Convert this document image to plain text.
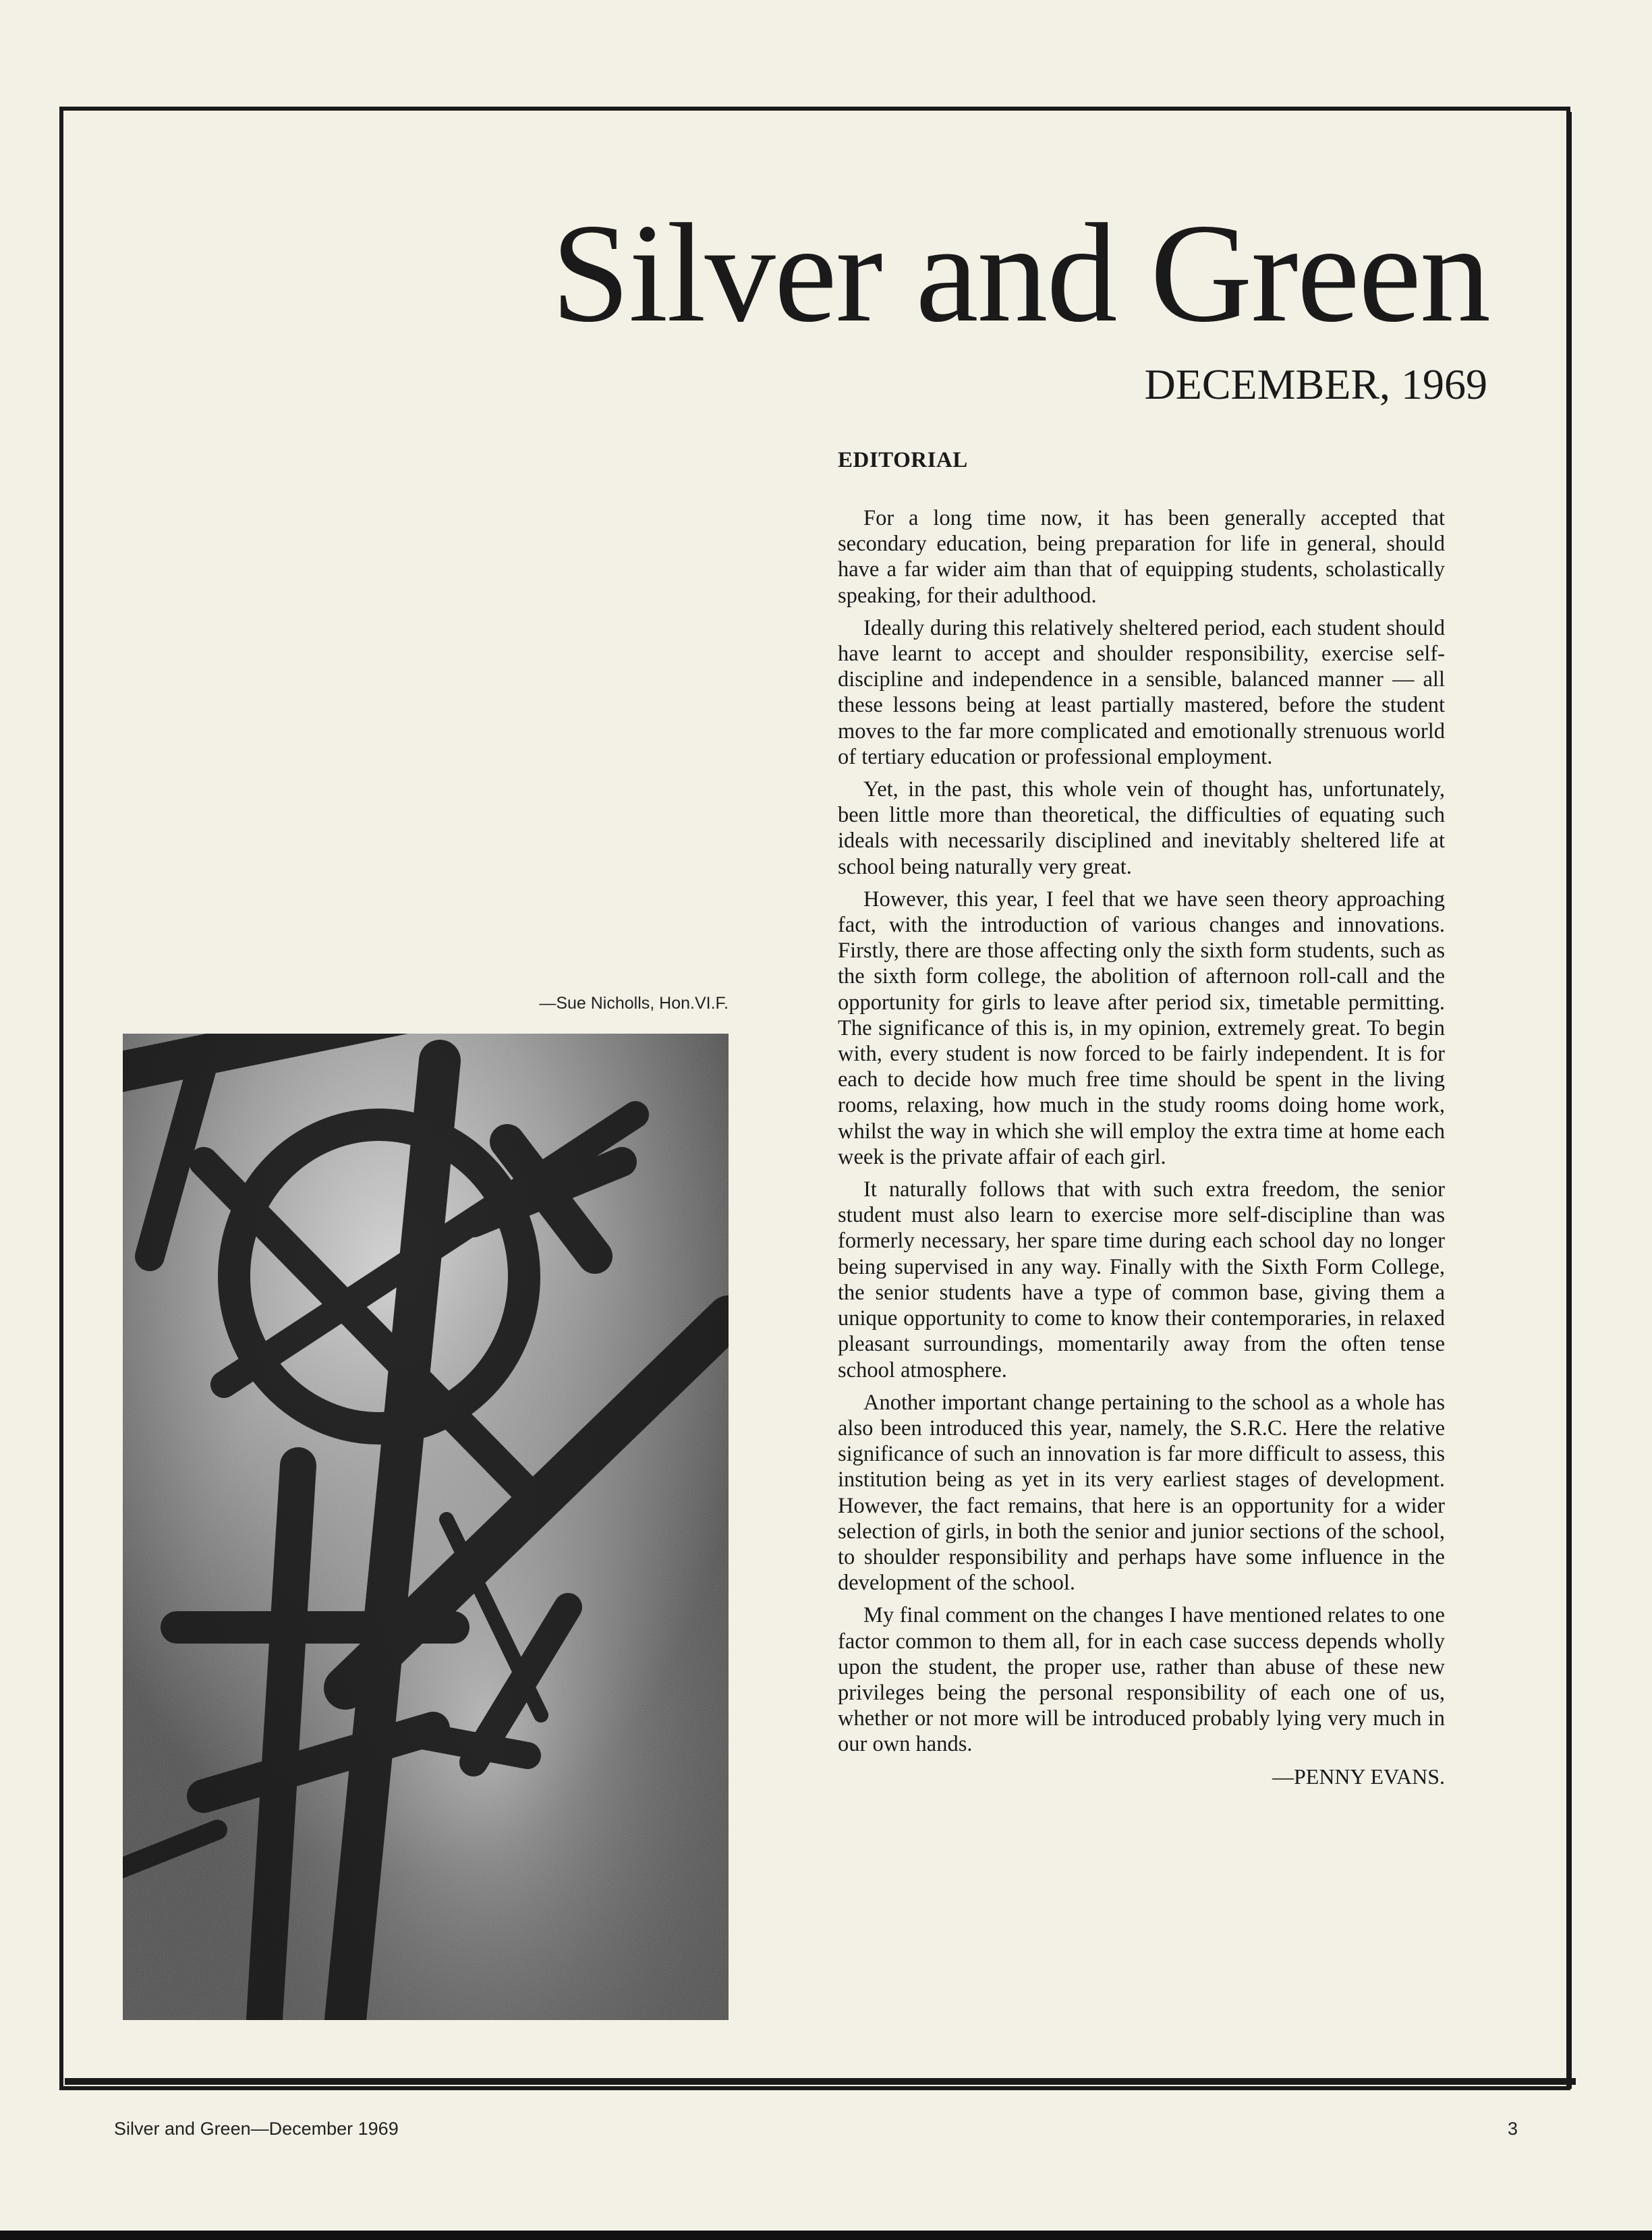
Silver and Green
DECEMBER, 1969
—Sue Nicholls, Hon.VI.F.
EDITORIAL

For a long time now, it has been generally accepted that secondary education, being preparation for life in general, should have a far wider aim than that of equipping students, scholastically speaking, for their adulthood.

Ideally during this relatively sheltered period, each student should have learnt to accept and shoulder responsibility, exercise self-discipline and independence in a sensible, balanced manner — all these lessons being at least partially mastered, before the student moves to the far more complicated and emotionally strenuous world of tertiary education or professional employment.

Yet, in the past, this whole vein of thought has, unfortunately, been little more than theoretical, the difficulties of equating such ideals with necessarily disciplined and inevitably sheltered life at school being naturally very great.

However, this year, I feel that we have seen theory approaching fact, with the introduction of various changes and innovations. Firstly, there are those affecting only the sixth form students, such as the sixth form college, the abolition of afternoon roll-call and the opportunity for girls to leave after period six, timetable permitting. The significance of this is, in my opinion, extremely great. To begin with, every student is now forced to be fairly independent. It is for each to decide how much free time should be spent in the living rooms, relaxing, how much in the study rooms doing home work, whilst the way in which she will employ the extra time at home each week is the private affair of each girl.

It naturally follows that with such extra freedom, the senior student must also learn to exercise more self-discipline than was formerly necessary, her spare time during each school day no longer being supervised in any way. Finally with the Sixth Form College, the senior students have a type of common base, giving them a unique opportunity to come to know their contemporaries, in relaxed pleasant surroundings, momentarily away from the often tense school atmosphere.

Another important change pertaining to the school as a whole has also been introduced this year, namely, the S.R.C. Here the relative significance of such an innovation is far more difficult to assess, this institution being as yet in its very earliest stages of development. However, the fact remains, that here is an opportunity for a wider selection of girls, in both the senior and junior sections of the school, to shoulder responsibility and perhaps have some influence in the development of the school.

My final comment on the changes I have mentioned relates to one factor common to them all, for in each case success depends wholly upon the student, the proper use, rather than abuse of these new privileges being the personal responsibility of each one of us, whether or not more will be introduced probably lying very much in our own hands.

—PENNY EVANS.
Silver and Green—December 1969	3
